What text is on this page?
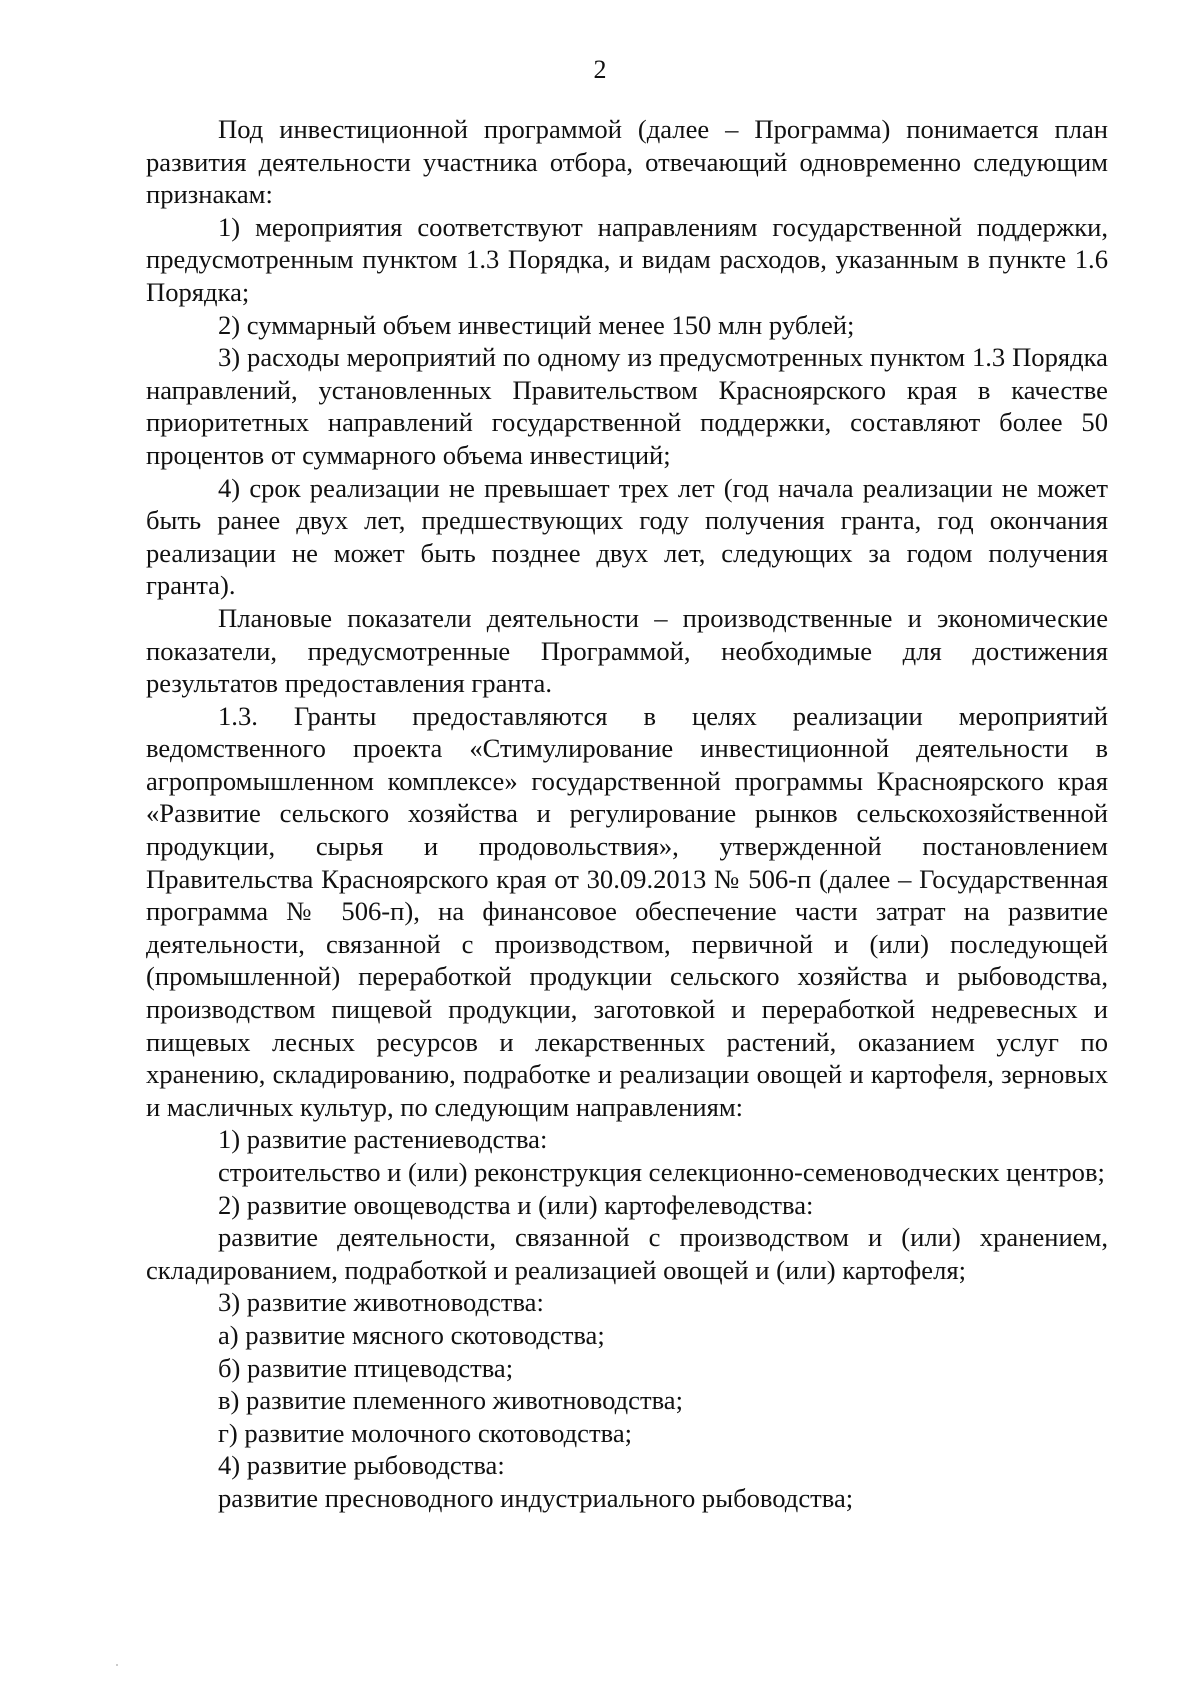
2

Под инвестиционной программой (далее – Программа) понимается план развития деятельности участника отбора, отвечающий одновременно следующим признакам:

1) мероприятия соответствуют направлениям государственной поддержки, предусмотренным пунктом 1.3 Порядка, и видам расходов, указанным в пункте 1.6 Порядка;

2) суммарный объем инвестиций менее 150 млн рублей;

3) расходы мероприятий по одному из предусмотренных пунктом 1.3 Порядка направлений, установленных Правительством Красноярского края в качестве приоритетных направлений государственной поддержки, составляют более 50 процентов от суммарного объема инвестиций;

4) срок реализации не превышает трех лет (год начала реализации не может быть ранее двух лет, предшествующих году получения гранта, год окончания реализации не может быть позднее двух лет, следующих за годом получения гранта).

Плановые показатели деятельности – производственные и экономические показатели, предусмотренные Программой, необходимые для достижения результатов предоставления гранта.

1.3. Гранты предоставляются в целях реализации мероприятий ведомственного проекта «Стимулирование инвестиционной деятельности в агропромышленном комплексе» государственной программы Красноярского края «Развитие сельского хозяйства и регулирование рынков сельскохозяйственной продукции, сырья и продовольствия», утвержденной постановлением Правительства Красноярского края от 30.09.2013 № 506-п (далее – Государственная программа № 506-п), на финансовое обеспечение части затрат на развитие деятельности, связанной с производством, первичной и (или) последующей (промышленной) переработкой продукции сельского хозяйства и рыбоводства, производством пищевой продукции, заготовкой и переработкой недревесных и пищевых лесных ресурсов и лекарственных растений, оказанием услуг по хранению, складированию, подработке и реализации овощей и картофеля, зерновых и масличных культур, по следующим направлениям:

1) развитие растениеводства:

строительство и (или) реконструкция селекционно-семеноводческих центров;

2) развитие овощеводства и (или) картофелеводства:

развитие деятельности, связанной с производством и (или) хранением, складированием, подработкой и реализацией овощей и (или) картофеля;

3) развитие животноводства:

а) развитие мясного скотоводства;

б) развитие птицеводства;

в) развитие племенного животноводства;

г) развитие молочного скотоводства;

4) развитие рыбоводства:

развитие пресноводного индустриального рыбоводства;
